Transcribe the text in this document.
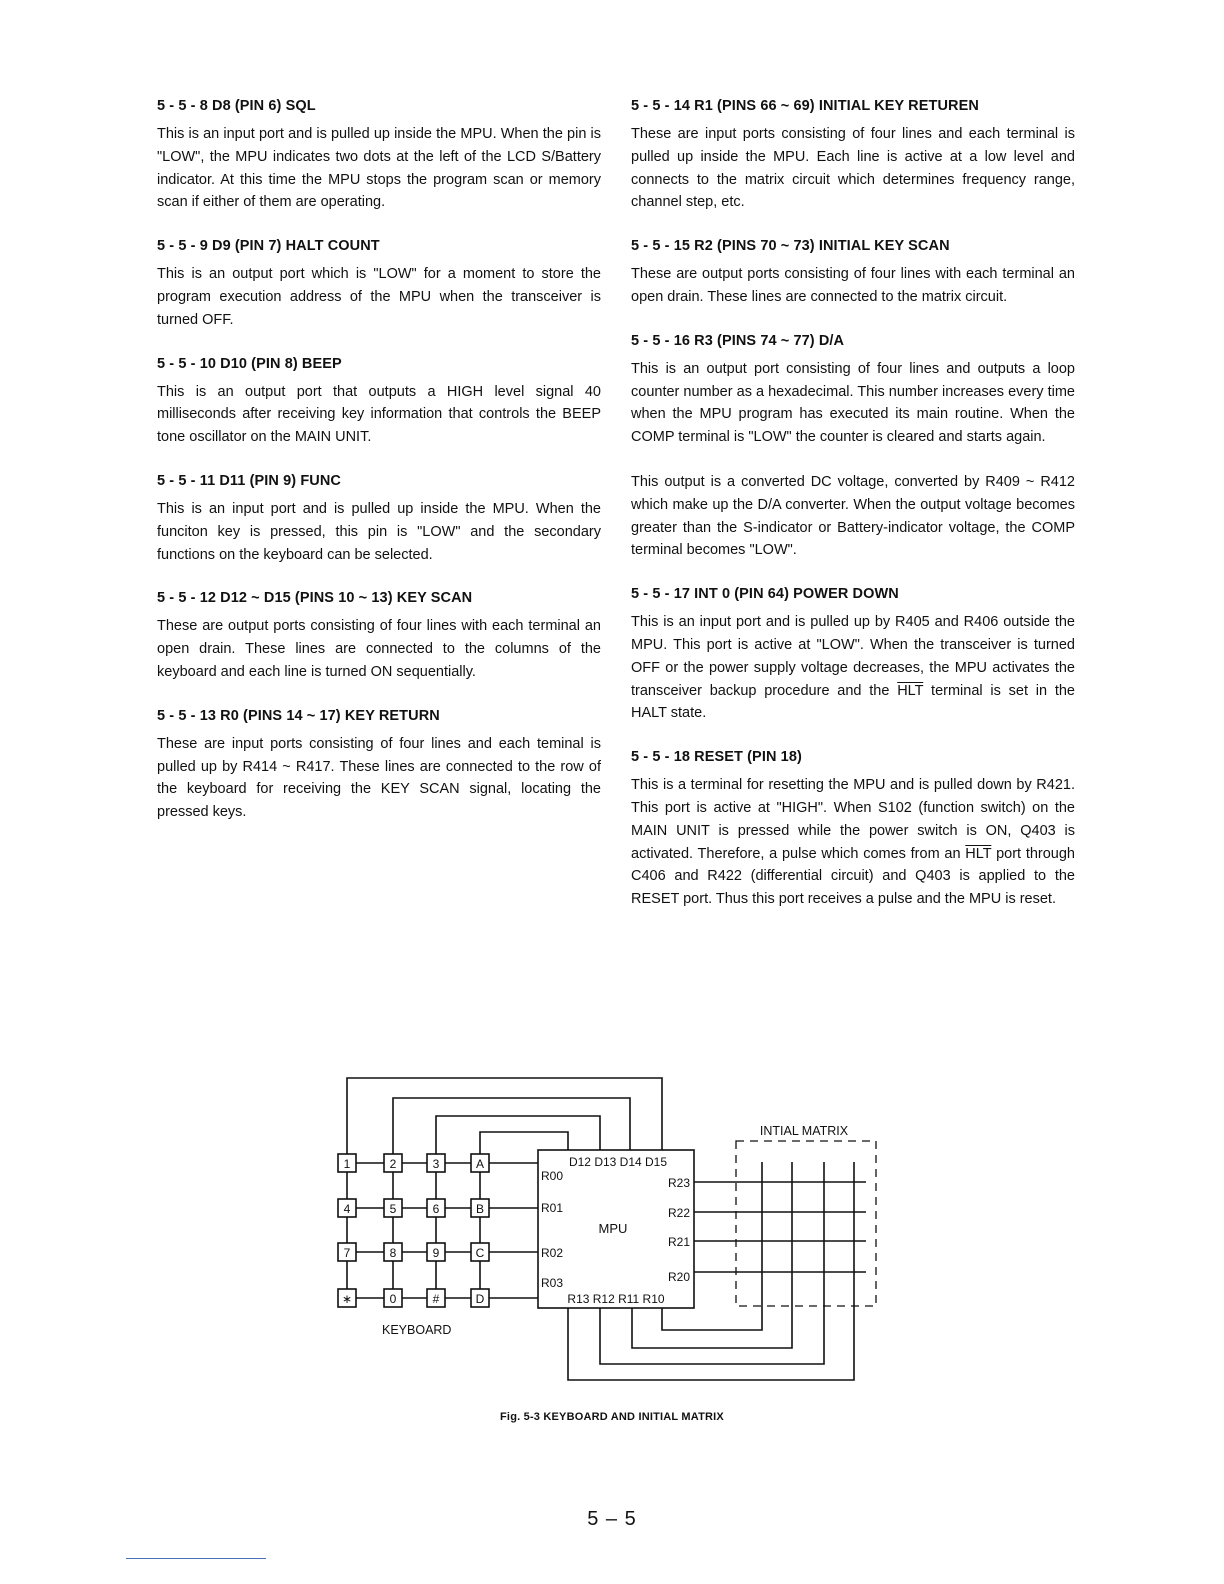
5 - 5 - 8 D8 (PIN 6) SQL

This is an input port and is pulled up inside the MPU. When the pin is "LOW", the MPU indicates two dots at the left of the LCD S/Battery indicator. At this time the MPU stops the program scan or memory scan if either of them are operating.

5 - 5 - 9 D9 (PIN 7) HALT COUNT

This is an output port which is "LOW" for a moment to store the program execution address of the MPU when the transceiver is turned OFF.

5 - 5 - 10 D10 (PIN 8) BEEP

This is an output port that outputs a HIGH level signal 40 milliseconds after receiving key information that controls the BEEP tone oscillator on the MAIN UNIT.

5 - 5 - 11 D11 (PIN 9) FUNC

This is an input port and is pulled up inside the MPU. When the funciton key is pressed, this pin is "LOW" and the secondary functions on the keyboard can be selected.

5 - 5 - 12 D12 ~ D15 (PINS 10 ~ 13) KEY SCAN

These are output ports consisting of four lines with each terminal an open drain. These lines are connected to the columns of the keyboard and each line is turned ON sequentially.

5 - 5 - 13 R0 (PINS 14 ~ 17) KEY RETURN

These are input ports consisting of four lines and each teminal is pulled up by R414 ~ R417. These lines are connected to the row of the keyboard for receiving the KEY SCAN signal, locating the pressed keys.

5 - 5 - 14 R1 (PINS 66 ~ 69) INITIAL KEY RETUREN

These are input ports consisting of four lines and each terminal is pulled up inside the MPU. Each line is active at a low level and connects to the matrix circuit which determines frequency range, channel step, etc.

5 - 5 - 15 R2 (PINS 70 ~ 73) INITIAL KEY SCAN

These are output ports consisting of four lines with each terminal an open drain. These lines are connected to the matrix circuit.

5 - 5 - 16 R3 (PINS 74 ~ 77) D/A

This is an output port consisting of four lines and outputs a loop counter number as a hexadecimal. This number increases every time when the MPU program has executed its main routine. When the COMP terminal is "LOW" the counter is cleared and starts again.

This output is a converted DC voltage, converted by R409 ~ R412 which make up the D/A converter. When the output voltage becomes greater than the S-indicator or Battery-indicator voltage, the COMP terminal becomes "LOW".

5 - 5 - 17 INT 0 (PIN 64) POWER DOWN

This is an input port and is pulled up by R405 and R406 outside the MPU. This port is active at "LOW". When the transceiver is turned OFF or the power supply voltage decreases, the MPU activates the transceiver backup procedure and the $\overline{HLT}$ terminal is set in the HALT state.

5 - 5 - 18 RESET (PIN 18)

This is a terminal for resetting the MPU and is pulled down by R421. This port is active at "HIGH". When S102 (function switch) on the MAIN UNIT is pressed while the power switch is ON, Q403 is activated. Therefore, a pulse which comes from an $\overline{HLT}$ port through C406 and R422 (differential circuit) and Q403 is applied to the RESET port. Thus this port receives a pulse and the MPU is reset.

1	2	3	A
4	5	6	B
7	8	9	C
∗	0	#	D
D12 D13 D14 D15
R13 R12 R11 R10
MPU
R00
R01
R02
R03
R23
R22
R21
R20
KEYBOARD
INTIAL MATRIX
Fig. 5-3 KEYBOARD AND INITIAL MATRIX
5 – 5
